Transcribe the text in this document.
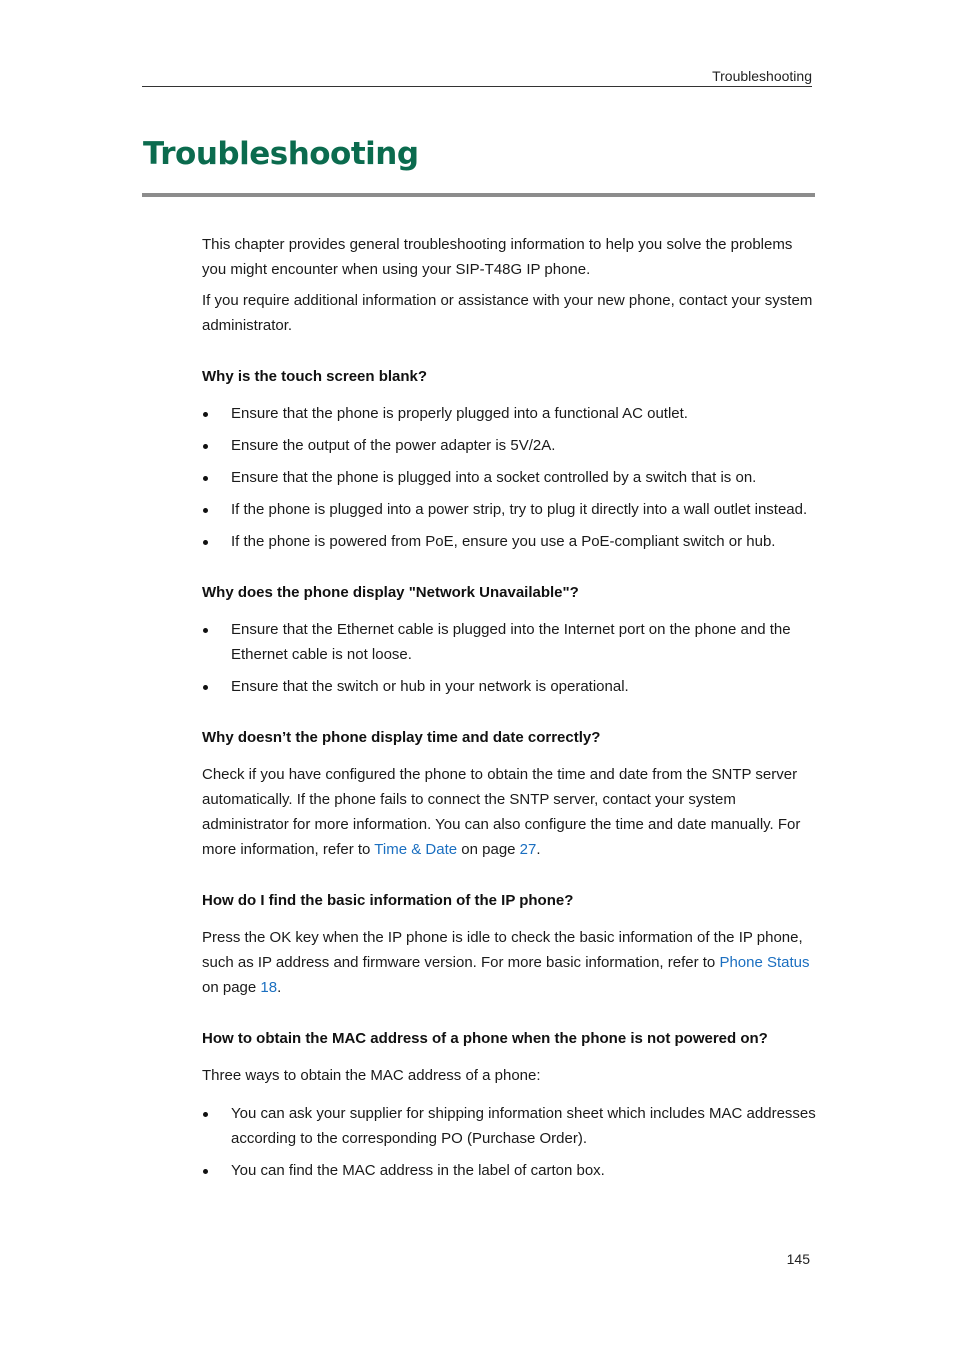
Troubleshooting
Troubleshooting

This chapter provides general troubleshooting information to help you solve the problems you might encounter when using your SIP-T48G IP phone.

If you require additional information or assistance with your new phone, contact your system administrator.

Why is the touch screen blank?
Ensure that the phone is properly plugged into a functional AC outlet.
Ensure the output of the power adapter is 5V/2A.
Ensure that the phone is plugged into a socket controlled by a switch that is on.
If the phone is plugged into a power strip, try to plug it directly into a wall outlet instead.
If the phone is powered from PoE, ensure you use a PoE-compliant switch or hub.
Why does the phone display "Network Unavailable"?
Ensure that the Ethernet cable is plugged into the Internet port on the phone and the Ethernet cable is not loose.
Ensure that the switch or hub in your network is operational.
Why doesn’t the phone display time and date correctly?

Check if you have configured the phone to obtain the time and date from the SNTP server automatically. If the phone fails to connect the SNTP server, contact your system administrator for more information. You can also configure the time and date manually. For more information, refer to Time & Date on page 27.

How do I find the basic information of the IP phone?

Press the OK key when the IP phone is idle to check the basic information of the IP phone, such as IP address and firmware version. For more basic information, refer to Phone Status on page 18.

How to obtain the MAC address of a phone when the phone is not powered on?

Three ways to obtain the MAC address of a phone:

You can ask your supplier for shipping information sheet which includes MAC addresses according to the corresponding PO (Purchase Order).
You can find the MAC address in the label of carton box.
145
